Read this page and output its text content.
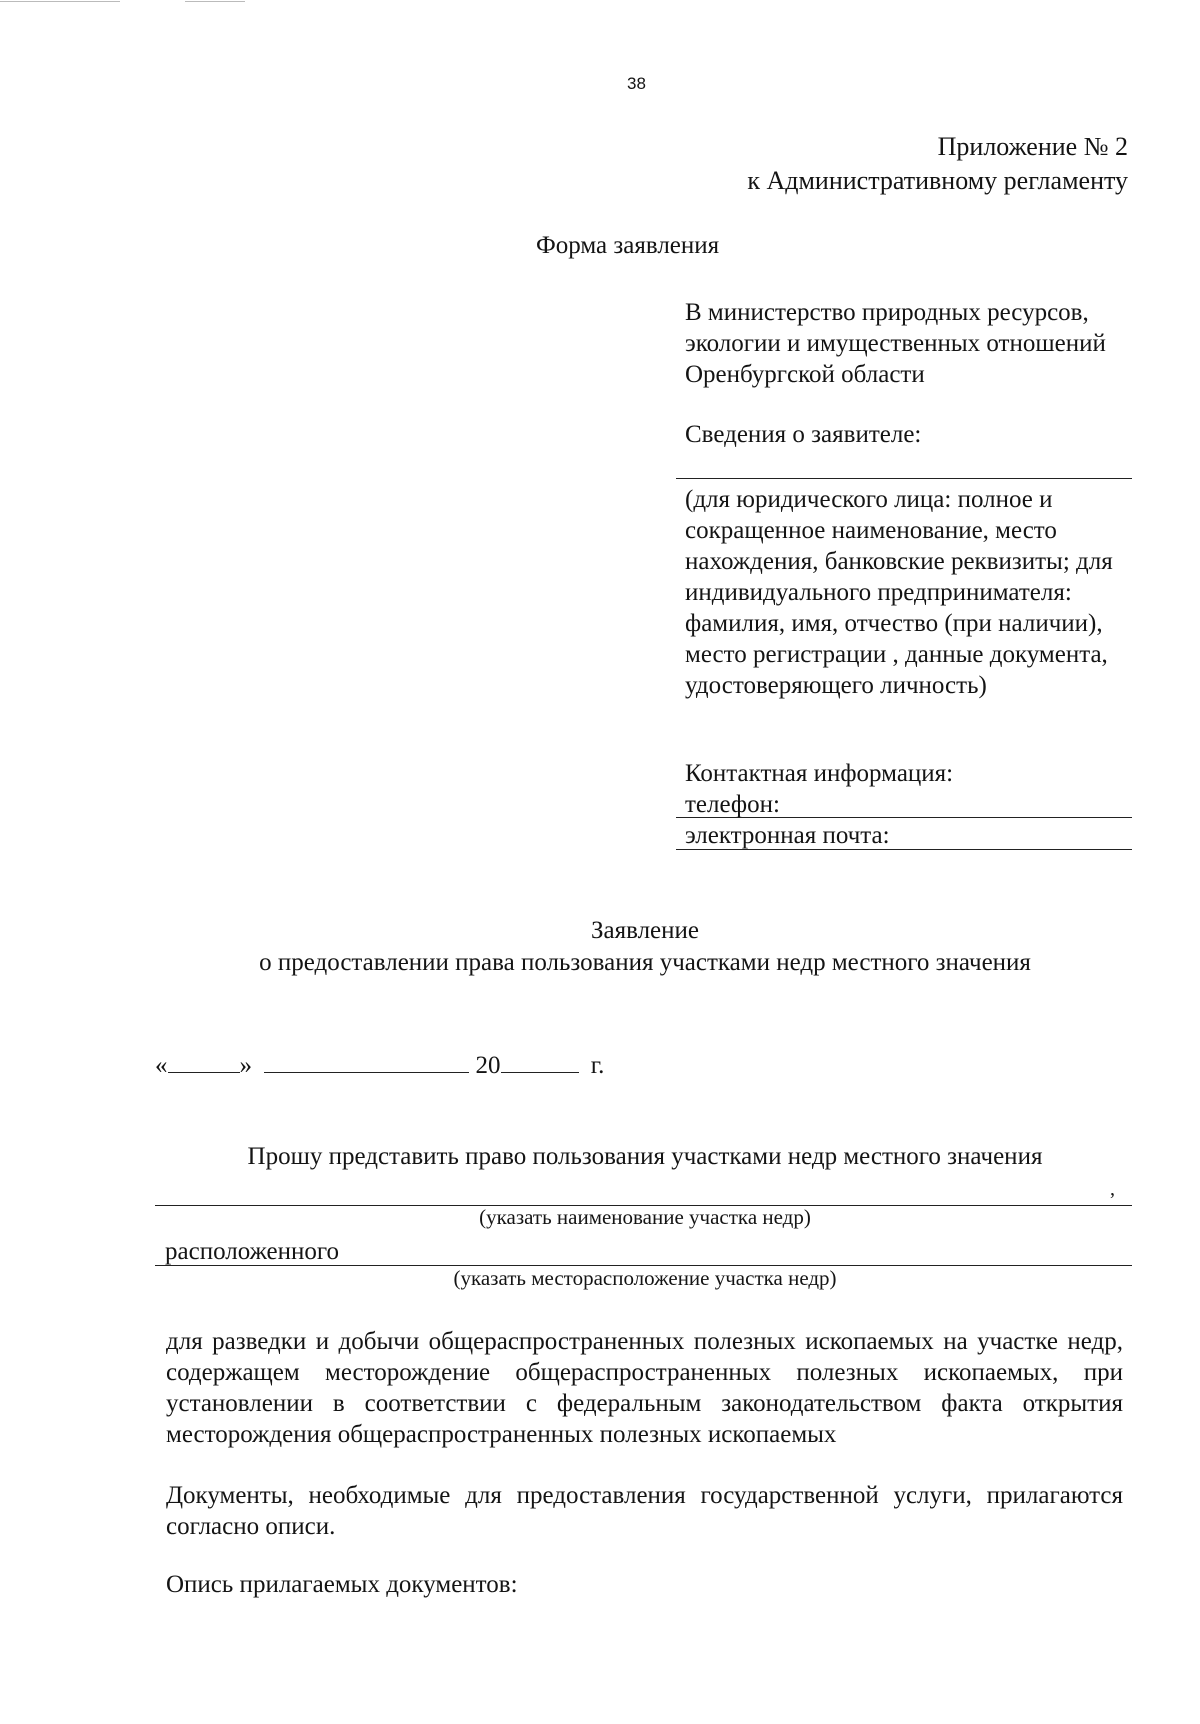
38
Приложение № 2
к Административному регламенту
Форма заявления
В министерство природных ресурсов, экологии и имущественных отношений Оренбургской области
Сведения о заявителе:
(для юридического лица: полное и сокращенное наименование, место нахождения, банковские реквизиты; для индивидуального предпринимателя: фамилия, имя, отчество (при наличии), место регистрации , данные документа, удостоверяющего личность)
Контактная информация:
телефон:
электронная почта:
Заявление
о предоставлении права пользования участками недр местного значения
«	»	20	г.
Прошу представить право пользования участками недр местного значения
,
(указать наименование участка недр)
расположенного
(указать месторасположение участка недр)
для разведки и добычи общераспространенных полезных ископаемых на участке недр, содержащем месторождение общераспространенных полезных ископаемых, при установлении в соответствии с федеральным законодательством факта открытия месторождения общераспространенных полезных ископаемых
Документы, необходимые для предоставления государственной услуги, прилагаются согласно описи.
Опись прилагаемых документов:
